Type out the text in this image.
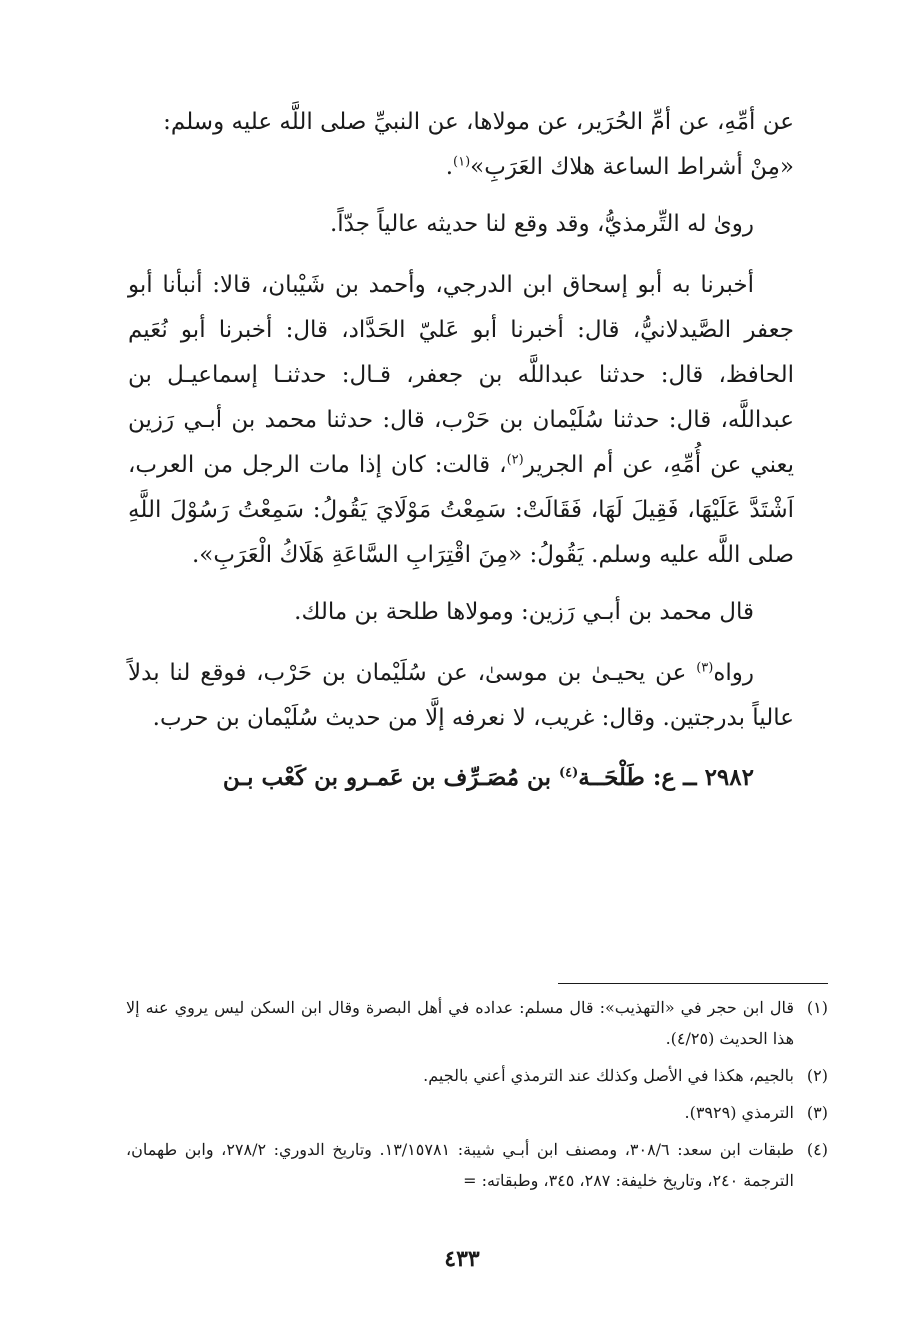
عن أمِّهِ، عن أمِّ الحُرَير، عن مولاها، عن النبيِّ صلى اللَّه عليه وسلم:
«مِنْ أشراط الساعة هلاك العَرَبِ»$^{(١)}$.

روىٰ له التِّرمذيُّ، وقد وقع لنا حديثه عالياً جدّاً.

أخبرنا به أبو إسحاق ابن الدرجي، وأحمد بن شَيْبان، قالا: أنبأنا أبو جعفر الصَّيدلانيُّ، قال: أخبرنا أبو عَليّ الحَدَّاد، قال: أخبرنا أبو نُعَيم الحافظ، قال: حدثنا عبداللَّه بن جعفر، قـال: حدثنـا إسماعيـل بن عبداللَّه، قال: حدثنا سُلَيْمان بن حَرْب، قال: حدثنا محمد بن أبـي رَزين يعني عن أُمِّهِ، عن أم الجرير$^{(٢)}$، قالت: كان إذا مات الرجل من العرب، اَشْتَدَّ عَلَيْهَا، فَقِيلَ لَهَا، فَقَالَتْ: سَمِعْتُ مَوْلَايَ يَقُولُ: سَمِعْتُ رَسُوْلَ اللَّهِ صلى اللَّه عليه وسلم. يَقُولُ: «مِنَ اقْتِرَابِ السَّاعَةِ هَلَاكُ الْعَرَبِ».

قال محمد بن أبـي رَزين: ومولاها طلحة بن مالك.

رواه$^{(٣)}$ عن يحيـىٰ بن موسىٰ، عن سُلَيْمان بن حَرْب، فوقع لنا بدلاً عالياً بدرجتين. وقال: غريب، لا نعرفه إلَّا من حديث سُلَيْمان بن حرب.

٢٩٨٢ ــ ع: طَلْحَــة$^{(٤)}$ بن مُصَـرِّف بن عَمـرو بن كَعْب بـن

(١)
قال ابن حجر في «التهذيب»: قال مسلم: عداده في أهل البصرة وقال ابن السكن ليس يروي عنه إلا هذا الحديث (٤/٢٥).

(٢)
بالجيم، هكذا في الأصل وكذلك عند الترمذي أعني بالجيم.

(٣)
الترمذي (٣٩٢٩).

(٤)
طبقات ابن سعد: ٣٠٨/٦، ومصنف ابن أبـي شيبة: ١٣/١٥٧٨١. وتاريخ الدوري: ٢٧٨/٢، وابن طهمان، الترجمة ٢٤٠، وتاريخ خليفة: ٢٨٧، ٣٤٥، وطبقاته: =

٤٣٣
